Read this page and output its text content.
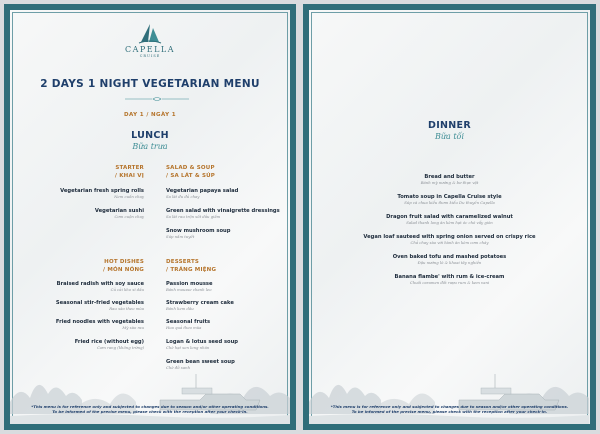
CAPELLA
CRUISE
2 DAYS 1 NIGHT VEGETARIAN MENU
DAY 1 / NGÀY 1
LUNCH
Bữa trưa
STARTER
/ KHAI VỊ
Vegetarian fresh spring rolls
Nem cuốn chay
Vegetarian sushi
Cơm cuộn chay
SALAD & SOUP
/ SA LÁT & SÚP
Vegetarian papaya salad
Sa lát đu đủ chay
Green salad with vinaigrette dressings
Sa lát rau trộn sốt dầu giấm
Snow mushroom soup
Súp nấm tuyết
HOT DISHES
/ MÓN NÓNG
Braised radish with soy sauce
Củ cải kho xì dầu
Seasonal stir-fried vegetables
Rau xào theo mùa
Fried noodles with vegetables
Mỳ xào rau
Fried rice (without egg)
Cơm rang (không trứng)
DESSERTS
/ TRÁNG MIỆNG
Passion mousse
Bánh mousse chanh leo
Strawberry cream cake
Bánh kem dâu
Seasonal fruits
Hoa quả theo mùa
Logan & lotus seed soup
Chè hạt sen long nhãn
Green bean sweet soup
Chè đỗ xanh
*This menu is for reference only and subjected to changes due to season and/or other operating conditions.
To be informed of the precise menu, please check with the reception after your check-in.
DINNER
Bữa tối
Bread and butter
Bánh mỳ nướng & bơ thực vật
Tomato soup in Capella Cruise style
Súp cà chua kiểu thơm kiểu Du thuyền Capella
Dragon fruit salad with caramelized walnut
Salad thanh long ăn kèm hạt óc chó vẩy giòn
Vegan loaf sauteed with spring onion served on crispy rice
Chả chay xào với hành ăn kèm cơm cháy
Oven baked tofu and mashed potatoes
Đậu nướng lò & khoai tây nghiền
Banana flambe' with rum & ice-cream
Chuối caramen đốt rượu rum & kem vani
*This menu is for reference only and subjected to changes due to season and/or other operating conditions.
To be informed of the precise menu, please check with the reception after your check-in.
